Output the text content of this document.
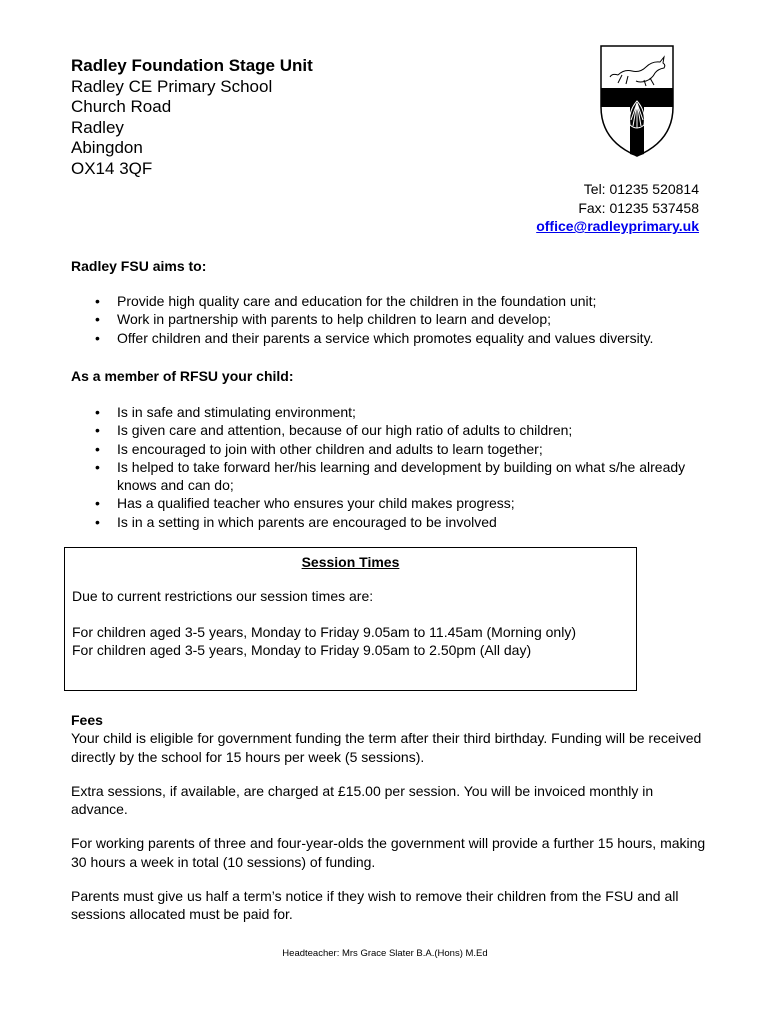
Radley Foundation Stage Unit
Radley CE Primary School
Church Road
Radley
Abingdon
OX14 3QF
Tel: 01235 520814
Fax: 01235 537458
office@radleyprimary.uk
Radley FSU aims to:
• Provide high quality care and education for the children in the foundation unit;
• Work in partnership with parents to help children to learn and develop;
• Offer children and their parents a service which promotes equality and values diversity.
As a member of RFSU your child:
• Is in safe and stimulating environment;
• Is given care and attention, because of our high ratio of adults to children;
• Is encouraged to join with other children and adults to learn together;
• Is helped to take forward her/his learning and development by building on what s/he already knows and can do;
• Has a qualified teacher who ensures your child makes progress;
• Is in a setting in which parents are encouraged to be involved
Session Times
Due to current restrictions our session times are:
For children aged 3-5 years, Monday to Friday 9.05am to 11.45am (Morning only)
For children aged 3-5 years, Monday to Friday 9.05am to 2.50pm (All day)
Fees

Your child is eligible for government funding the term after their third birthday. Funding will be received directly by the school for 15 hours per week (5 sessions).

Extra sessions, if available, are charged at £15.00 per session. You will be invoiced monthly in advance.

For working parents of three and four-year-olds the government will provide a further 15 hours, making 30 hours a week in total (10 sessions) of funding.

Parents must give us half a term’s notice if they wish to remove their children from the FSU and all sessions allocated must be paid for.

Headteacher: Mrs Grace Slater B.A.(Hons) M.Ed
